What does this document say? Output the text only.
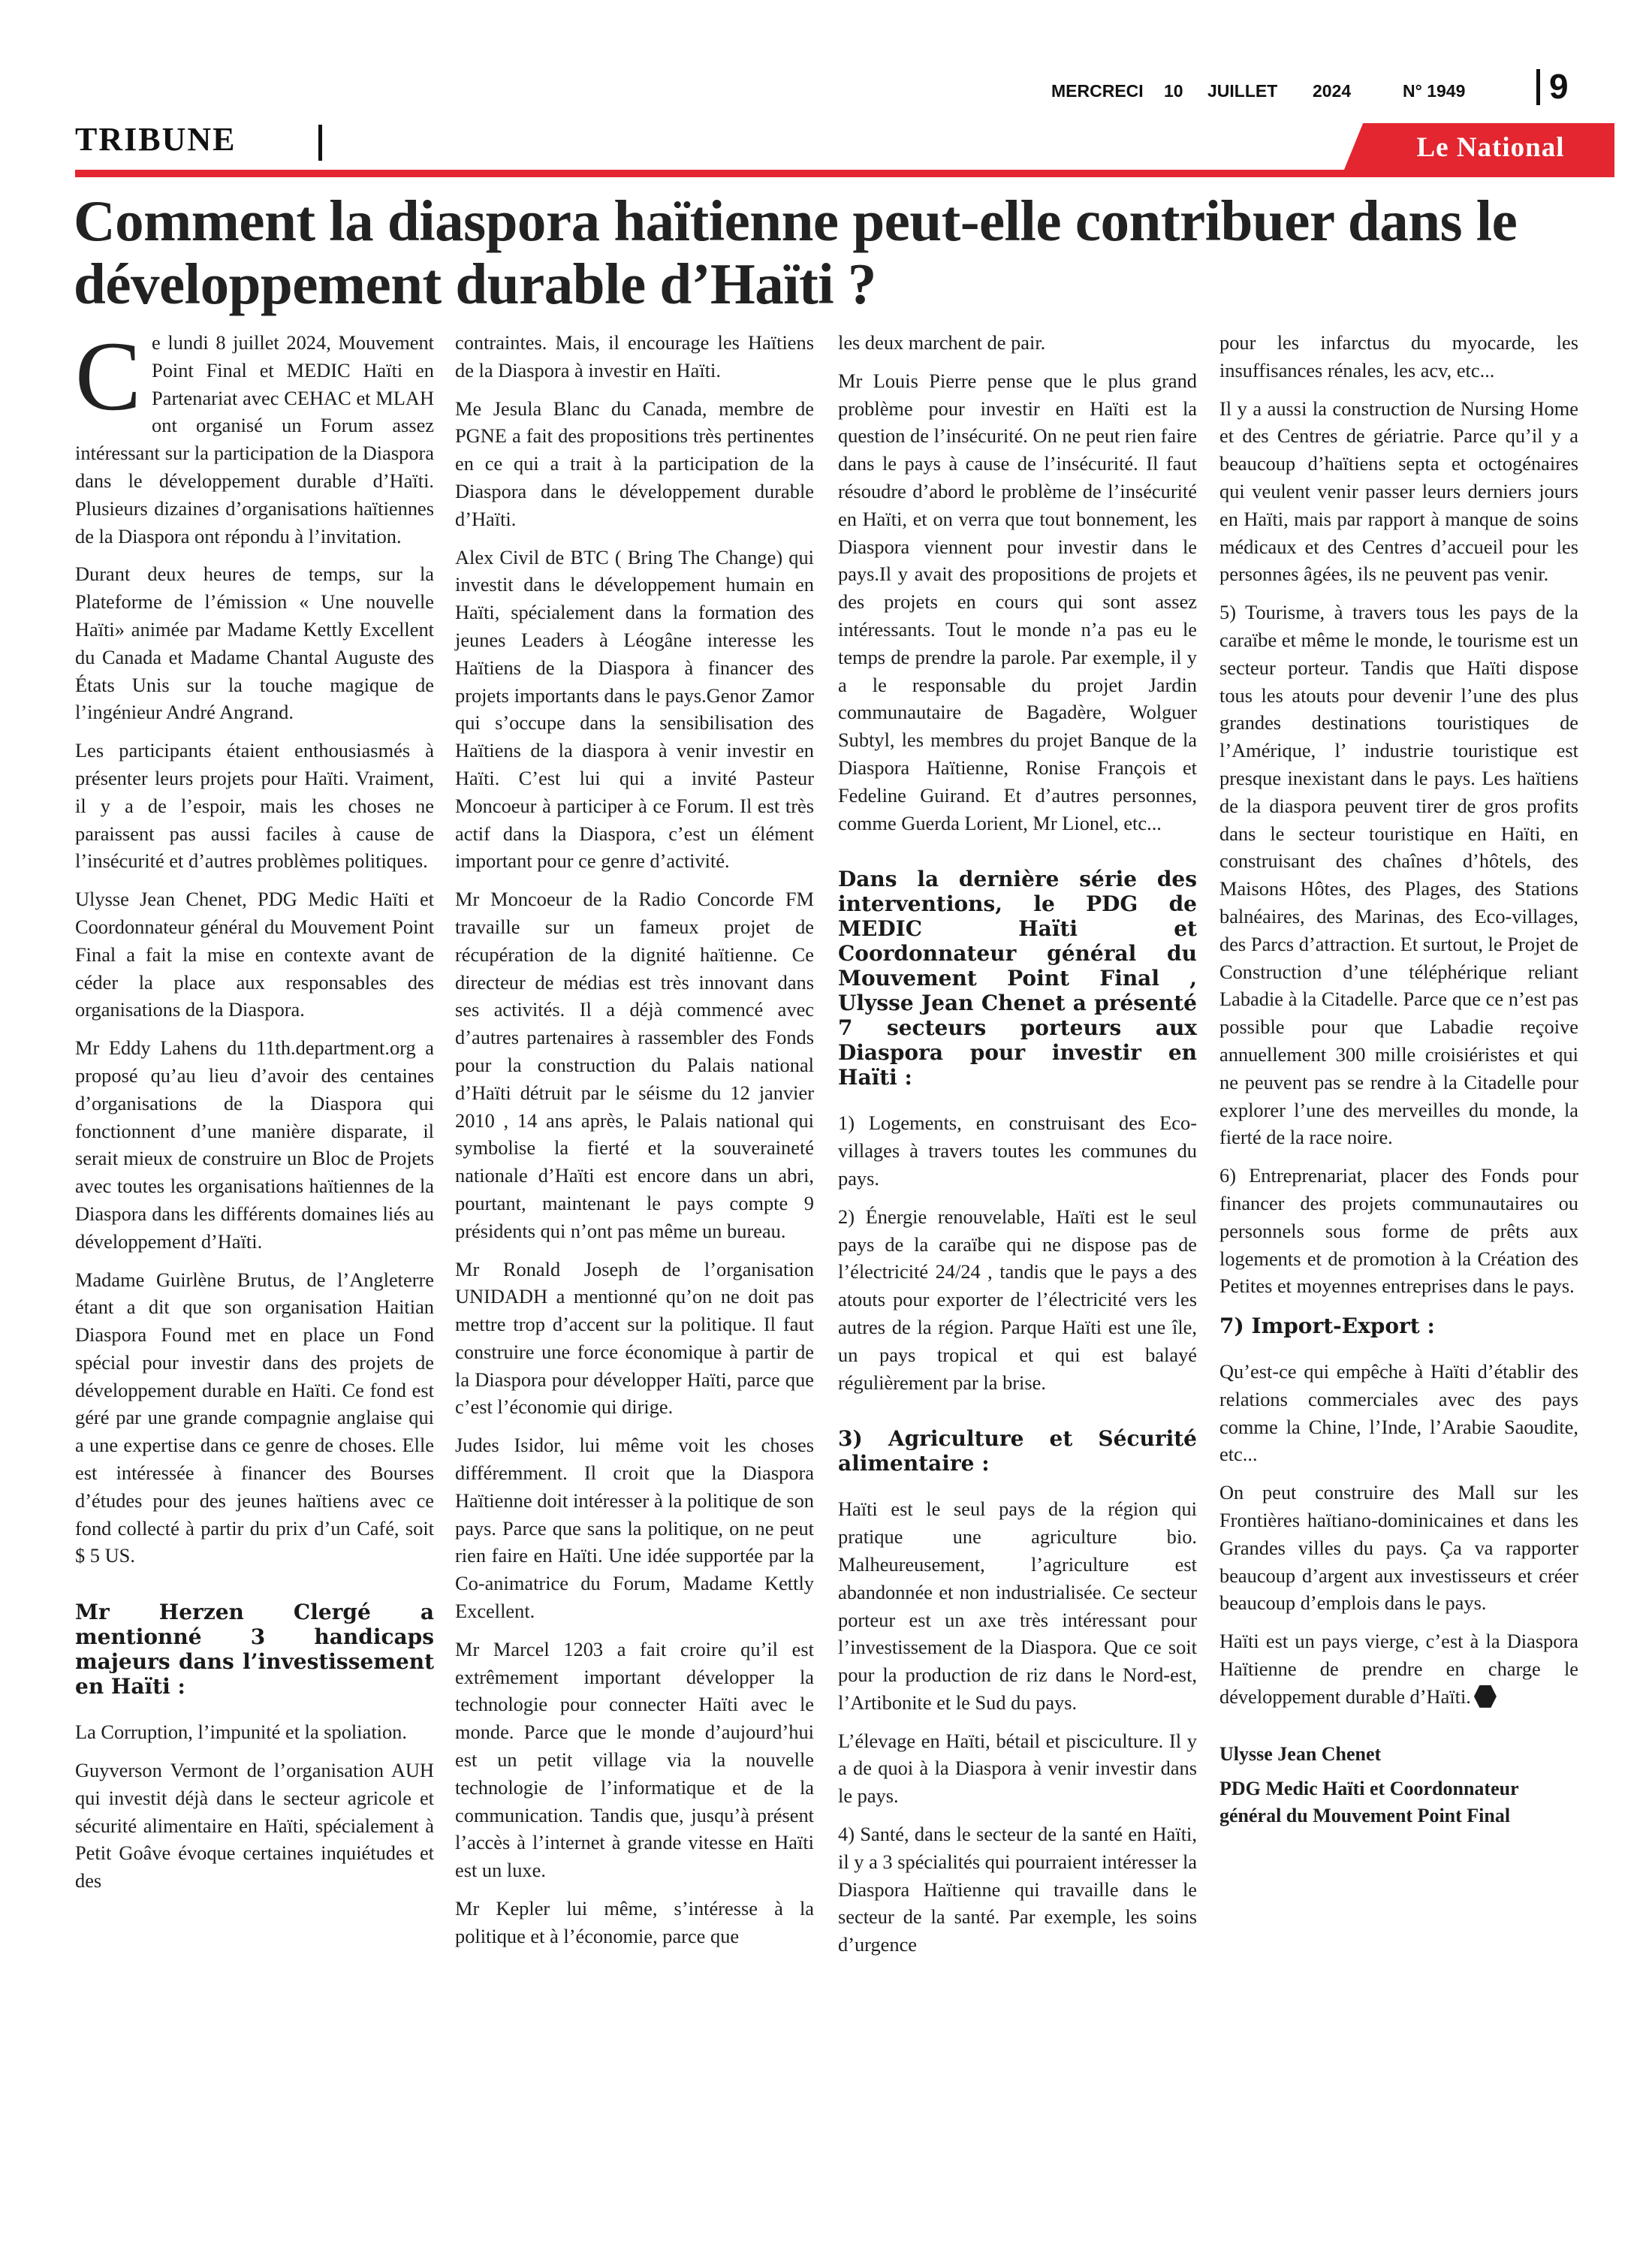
MERCRECI	10	JUILLET	2024	N° 1949	9
TRIBUNE	Le National
Comment la diaspora haïtienne peut-elle contribuer dans le développement durable d’Haïti ?

Ce lundi 8 juillet 2024, Mouvement Point Final et MEDIC Haïti en Partenariat avec CEHAC et MLAH ont organisé un Forum assez intéressant sur la participation de la Diaspora dans le développement durable d’Haïti. Plusieurs dizaines d’organisations haïtiennes de la Diaspora ont répondu à l’invitation.

Durant deux heures de temps, sur la Plateforme de l’émission « Une nouvelle Haïti» animée par Madame Kettly Excellent du Canada et Madame Chantal Auguste des États Unis sur la touche magique de l’ingénieur André Angrand.

Les participants étaient enthousiasmés à présenter leurs projets pour Haïti. Vraiment, il y a de l’espoir, mais les choses ne paraissent pas aussi faciles à cause de l’insécurité et d’autres problèmes politiques.

Ulysse Jean Chenet, PDG Medic Haïti et Coordonnateur général du Mouvement Point Final a fait la mise en contexte avant de céder la place aux responsables des organisations de la Diaspora.

Mr Eddy Lahens du 11th.department.org a proposé qu’au lieu d’avoir des centaines d’organisations de la Diaspora qui fonctionnent d’une manière disparate, il serait mieux de construire un Bloc de Projets avec toutes les organisations haïtiennes de la Diaspora dans les différents domaines liés au développement d’Haïti.

Madame Guirlène Brutus, de l’Angleterre étant a dit que son organisation Haitian Diaspora Found met en place un Fond spécial pour investir dans des projets de développement durable en Haïti. Ce fond est géré par une grande compagnie anglaise qui a une expertise dans ce genre de choses. Elle est intéressée à financer des Bourses d’études pour des jeunes haïtiens avec ce fond collecté à partir du prix d’un Café, soit $ 5 US.

Mr Herzen Clergé a mentionné 3 handicaps majeurs dans l’investissement en Haïti :

La Corruption, l’impunité et la spoliation.

Guyverson Vermont de l’organisation AUH qui investit déjà dans le secteur agricole et sécurité alimentaire en Haïti, spécialement à Petit Goâve évoque certaines inquiétudes et des

contraintes. Mais, il encourage les Haïtiens de la Diaspora à investir en Haïti.

Me Jesula Blanc du Canada, membre de PGNE a fait des propositions très pertinentes en ce qui a trait à la participation de la Diaspora dans le développement durable d’Haïti.

Alex Civil de BTC ( Bring The Change) qui investit dans le développement humain en Haïti, spécialement dans la formation des jeunes Leaders à Léogâne interesse les Haïtiens de la Diaspora à financer des projets importants dans le pays.Genor Zamor qui s’occupe dans la sensibilisation des Haïtiens de la diaspora à venir investir en Haïti. C’est lui qui a invité Pasteur Moncoeur à participer à ce Forum. Il est très actif dans la Diaspora, c’est un élément important pour ce genre d’activité.

Mr Moncoeur de la Radio Concorde FM travaille sur un fameux projet de récupération de la dignité haïtienne. Ce directeur de médias est très innovant dans ses activités. Il a déjà commencé avec d’autres partenaires à rassembler des Fonds pour la construction du Palais national d’Haïti détruit par le séisme du 12 janvier 2010 , 14 ans après, le Palais national qui symbolise la fierté et la souveraineté nationale d’Haïti est encore dans un abri, pourtant, maintenant le pays compte 9 présidents qui n’ont pas même un bureau.

Mr Ronald Joseph de l’organisation UNIDADH a mentionné qu’on ne doit pas mettre trop d’accent sur la politique. Il faut construire une force économique à partir de la Diaspora pour développer Haïti, parce que c’est l’économie qui dirige.

Judes Isidor, lui même voit les choses différemment. Il croit que la Diaspora Haïtienne doit intéresser à la politique de son pays. Parce que sans la politique, on ne peut rien faire en Haïti. Une idée supportée par la Co-animatrice du Forum, Madame Kettly Excellent.

Mr Marcel 1203 a fait croire qu’il est extrêmement important développer la technologie pour connecter Haïti avec le monde. Parce que le monde d’aujourd’hui est un petit village via la nouvelle technologie de l’informatique et de la communication. Tandis que, jusqu’à présent l’accès à l’internet à grande vitesse en Haïti est un luxe.

Mr Kepler lui même, s’intéresse à la politique et à l’économie, parce que

les deux marchent de pair.

Mr Louis Pierre pense que le plus grand problème pour investir en Haïti est la question de l’insécurité. On ne peut rien faire dans le pays à cause de l’insécurité. Il faut résoudre d’abord le problème de l’insécurité en Haïti, et on verra que tout bonnement, les Diaspora viennent pour investir dans le pays.Il y avait des propositions de projets et des projets en cours qui sont assez intéressants. Tout le monde n’a pas eu le temps de prendre la parole. Par exemple, il y a le responsable du projet Jardin communautaire de Bagadère, Wolguer Subtyl, les membres du projet Banque de la Diaspora Haïtienne, Ronise François et Fedeline Guirand. Et d’autres personnes, comme Guerda Lorient, Mr Lionel, etc...

Dans la dernière série des interventions, le PDG de MEDIC Haïti et Coordonnateur général du Mouvement Point Final , Ulysse Jean Chenet a présenté 7 secteurs porteurs aux Diaspora pour investir en Haïti :

1) Logements, en construisant des Eco-villages à travers toutes les communes du pays.

2) Énergie renouvelable, Haïti est le seul pays de la caraïbe qui ne dispose pas de l’électricité 24/24 , tandis que le pays a des atouts pour exporter de l’électricité vers les autres de la région. Parque Haïti est une île, un pays tropical et qui est balayé régulièrement par la brise.

3) Agriculture et Sécurité alimentaire :

Haïti est le seul pays de la région qui pratique une agriculture bio. Malheureusement, l’agriculture est abandonnée et non industrialisée. Ce secteur porteur est un axe très intéressant pour l’investissement de la Diaspora. Que ce soit pour la production de riz dans le Nord-est, l’Artibonite et le Sud du pays.

L’élevage en Haïti, bétail et pisciculture. Il y a de quoi à la Diaspora à venir investir dans le pays.

4) Santé, dans le secteur de la santé en Haïti, il y a 3 spécialités qui pourraient intéresser la Diaspora Haïtienne qui travaille dans le secteur de la santé. Par exemple, les soins d’urgence

pour les infarctus du myocarde, les insuffisances rénales, les acv, etc...

Il y a aussi la construction de Nursing Home et des Centres de gériatrie. Parce qu’il y a beaucoup d’haïtiens septa et octogénaires qui veulent venir passer leurs derniers jours en Haïti, mais par rapport à manque de soins médicaux et des Centres d’accueil pour les personnes âgées, ils ne peuvent pas venir.

5) Tourisme, à travers tous les pays de la caraïbe et même le monde, le tourisme est un secteur porteur. Tandis que Haïti dispose tous les atouts pour devenir l’une des plus grandes destinations touristiques de l’Amérique, l’ industrie touristique est presque inexistant dans le pays. Les haïtiens de la diaspora peuvent tirer de gros profits dans le secteur touristique en Haïti, en construisant des chaînes d’hôtels, des Maisons Hôtes, des Plages, des Stations balnéaires, des Marinas, des Eco-villages, des Parcs d’attraction. Et surtout, le Projet de Construction d’une téléphérique reliant Labadie à la Citadelle. Parce que ce n’est pas possible pour que Labadie reçoive annuellement 300 mille croisiéristes et qui ne peuvent pas se rendre à la Citadelle pour explorer l’une des merveilles du monde, la fierté de la race noire.

6) Entreprenariat, placer des Fonds pour financer des projets communautaires ou personnels sous forme de prêts aux logements et de promotion à la Création des Petites et moyennes entreprises dans le pays.

7) Import-Export :

Qu’est-ce qui empêche à Haïti d’établir des relations commerciales avec des pays comme la Chine, l’Inde, l’Arabie Saoudite, etc...

On peut construire des Mall sur les Frontières haïtiano-dominicaines et dans les Grandes villes du pays. Ça va rapporter beaucoup d’argent aux investisseurs et créer beaucoup d’emplois dans le pays.

Haïti est un pays vierge, c’est à la Diaspora Haïtienne de prendre en charge le développement durable d’Haïti.

Ulysse Jean Chenet
PDG Medic Haïti et Coordonnateur général du Mouvement Point Final
